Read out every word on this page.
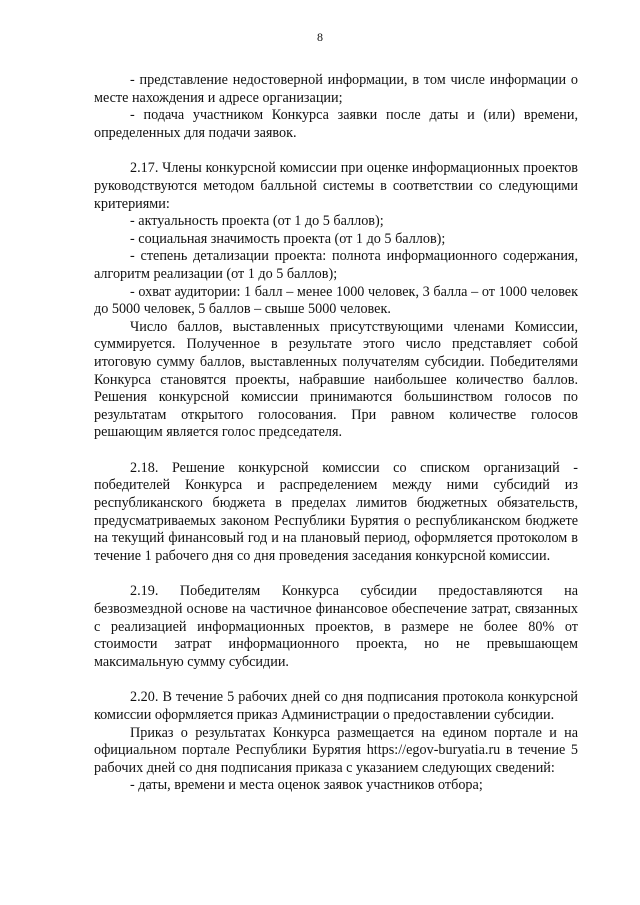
8

- представление недостоверной информации, в том числе информации о месте нахождения и адресе организации;

- подача участником Конкурса заявки после даты и (или) времени, определенных для подачи заявок.

2.17. Члены конкурсной комиссии при оценке информационных проектов руководствуются методом балльной системы в соответствии со следующими критериями:

- актуальность проекта (от 1 до 5 баллов);

- социальная значимость проекта (от 1 до 5 баллов);

- степень детализации проекта: полнота информационного содержания, алгоритм реализации (от 1 до 5 баллов);

- охват аудитории: 1 балл – менее 1000 человек, 3 балла – от 1000 человек до 5000 человек, 5 баллов – свыше 5000 человек.

Число баллов, выставленных присутствующими членами Комиссии, суммируется. Полученное в результате этого число представляет собой итоговую сумму баллов, выставленных получателям субсидии. Победителями Конкурса становятся проекты, набравшие наибольшее количество баллов. Решения конкурсной комиссии принимаются большинством голосов по результатам открытого голосования. При равном количестве голосов решающим является голос председателя.

2.18. Решение конкурсной комиссии со списком организаций - победителей Конкурса и распределением между ними субсидий из республиканского бюджета в пределах лимитов бюджетных обязательств, предусматриваемых законом Республики Бурятия о республиканском бюджете на текущий финансовый год и на плановый период, оформляется протоколом в течение 1 рабочего дня со дня проведения заседания конкурсной комиссии.

2.19. Победителям Конкурса субсидии предоставляются на безвозмездной основе на частичное финансовое обеспечение затрат, связанных с реализацией информационных проектов, в размере не более 80% от стоимости затрат информационного проекта, но не превышающем максимальную сумму субсидии.

2.20. В течение 5 рабочих дней со дня подписания протокола конкурсной комиссии оформляется приказ Администрации о предоставлении субсидии.

Приказ о результатах Конкурса размещается на едином портале и на официальном портале Республики Бурятия https://egov-buryatia.ru в течение 5 рабочих дней со дня подписания приказа с указанием следующих сведений:

- даты, времени и места оценок заявок участников отбора;
